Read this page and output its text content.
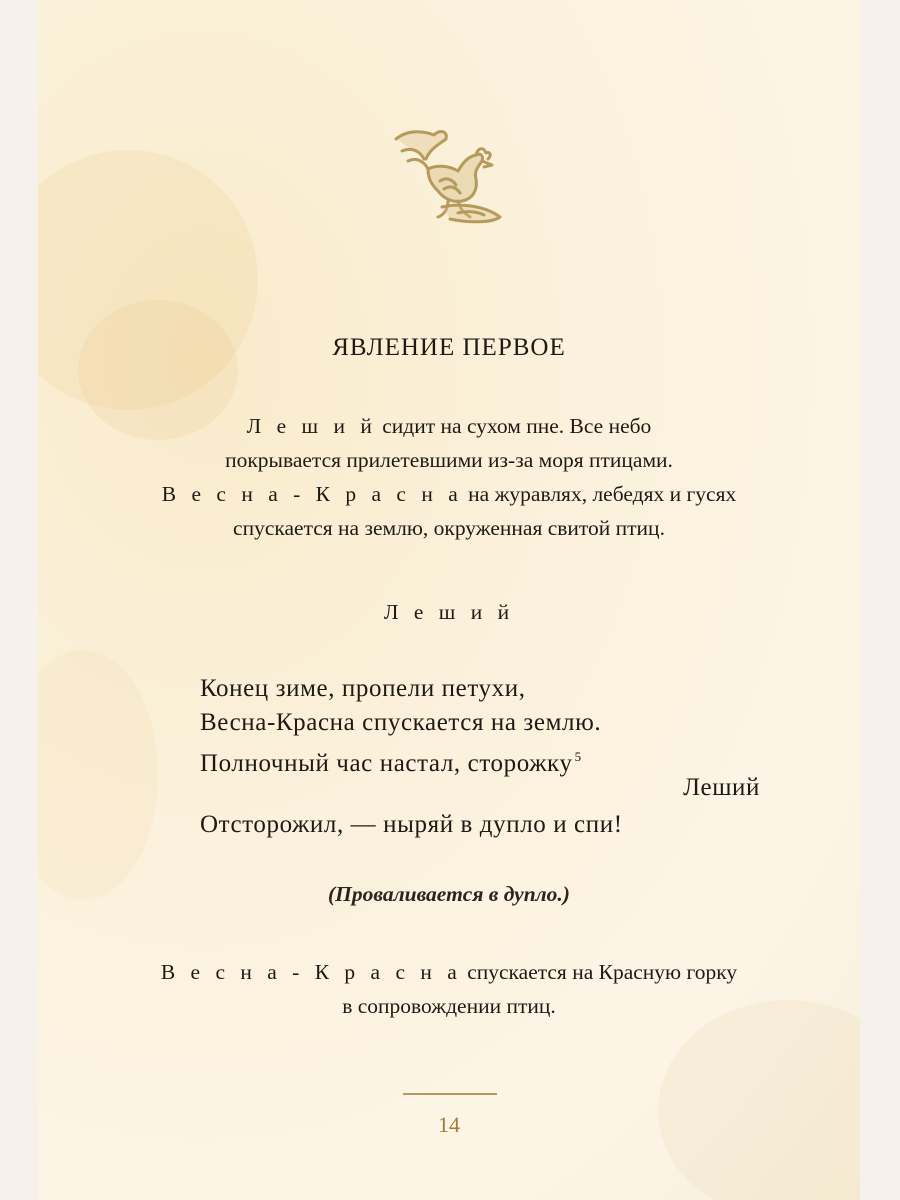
ЯВЛЕНИЕ ПЕРВОЕ
Л е ш и й сидит на сухом пне. Все небо
покрывается прилетевшими из-за моря птицами.
В е с н а - К р а с н а на журавлях, лебедях и гусях
спускается на землю, окруженная свитой птиц.
Л е ш и й
Конец зиме, пропели петухи,
Весна-Красна спускается на землю.
Полночный час настал, сторожку $^5$
Леший
Отсторожил, — ныряй в дупло и спи!
(Проваливается в дупло.)
В е с н а - К р а с н а спускается на Красную горку
в сопровождении птиц.
14
